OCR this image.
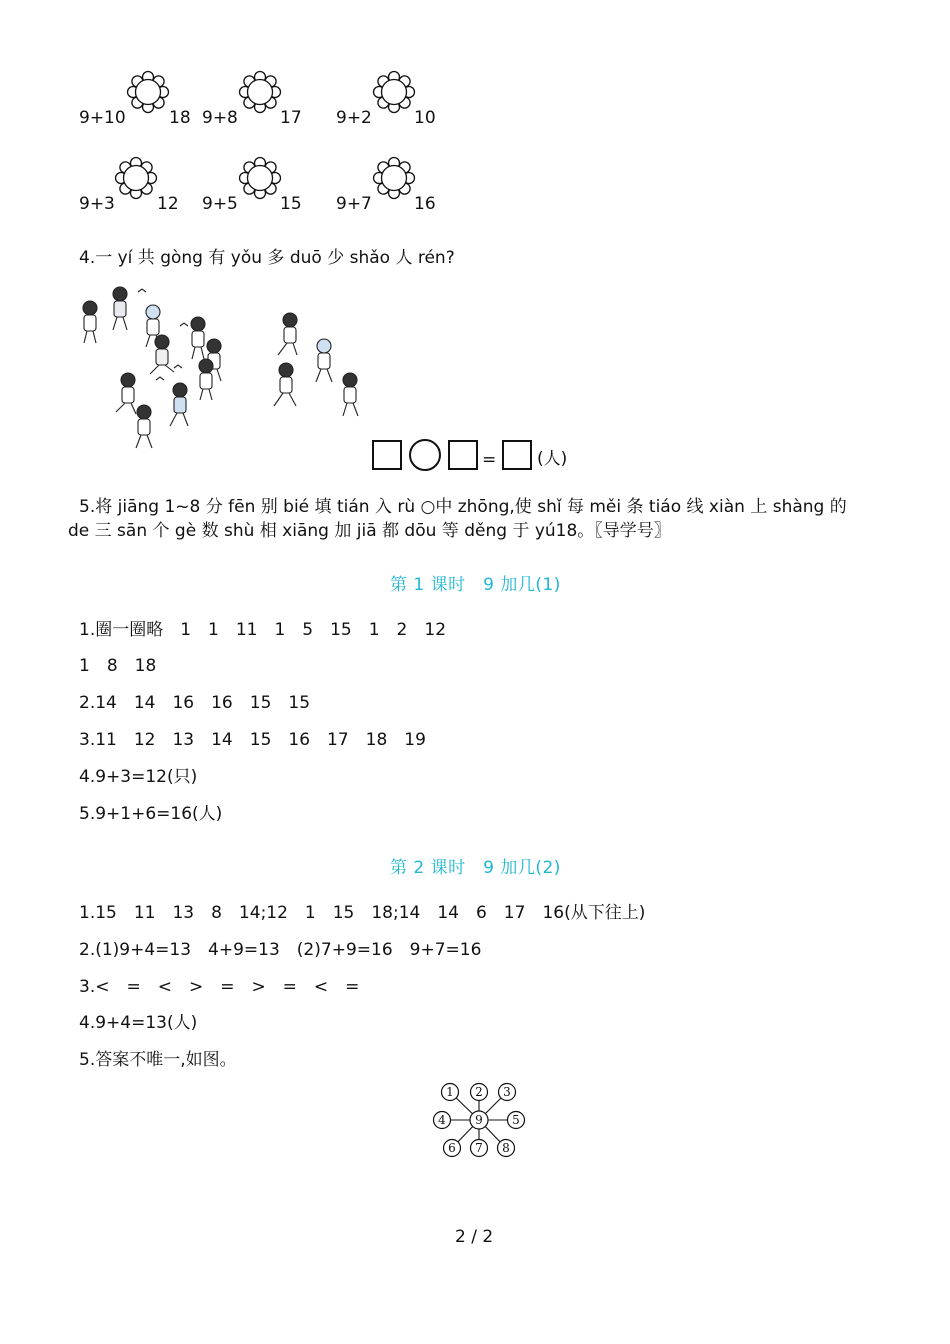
9+10	18 9+8 17 9+2 10
9+3 12 9+5 15 9+7 16
4.一 yí 共 gòng 有 yǒu 多 duō 少 shǎo 人 rén?
= (人)
5.将 jiāng 1~8 分 fēn 别 bié 填 tián 入 rù ○中 zhōng,使 shǐ 每 měi 条 tiáo 线 xiàn 上 shàng 的
de 三 sān 个 gè 数 shù 相 xiāng 加 jiā 都 dōu 等 děng 于 yú18。〖导学号〗
第 1 课时　9 加几(1)
1.圈一圈略　1　1　11　1　5　15　1　2　12
1　8　18
2.14　14　16　16　15　15
3.11　12　13　14　15　16　17　18　19
4.9+3=12(只)
5.9+1+6=16(人)
第 2 课时　9 加几(2)
1.15　11　13　8　14;12　1　15　18;14　14　6　17　16(从下往上)
2.(1)9+4=13　4+9=13　(2)7+9=16　9+7=16
3.<　=　<　>　=　>　=　<　=
4.9+4=13(人)
5.答案不唯一,如图。
9
1 2 3
4	5
6 7 8
2 / 2
